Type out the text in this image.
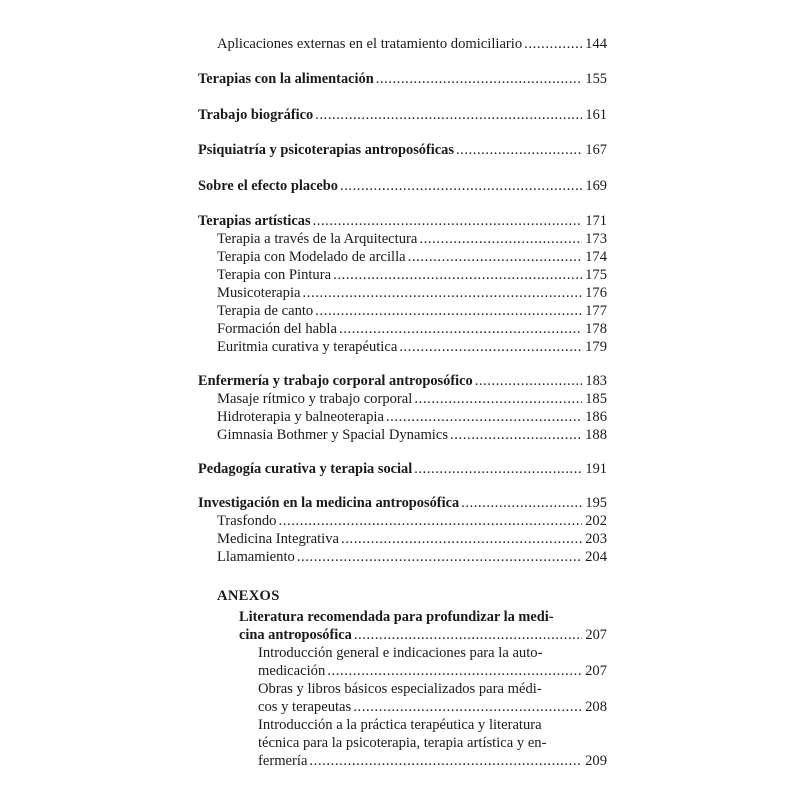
Aplicaciones externas en el tratamiento domiciliario .....	144
Terapias con la alimentación .....	155
Trabajo biográfico .....	161
Psiquiatría y psicoterapias antroposóficas .....	167
Sobre el efecto placebo .....	169
Terapias artísticas .....	171
Terapia a través de la Arquitectura .....	173
Terapia con Modelado de arcilla .....	174
Terapia con Pintura .....	175
Musicoterapia .....	176
Terapia de canto .....	177
Formación del habla .....	178
Euritmia curativa y terapéutica .....	179
Enfermería y trabajo corporal antroposófico .....	183
Masaje rítmico y trabajo corporal .....	185
Hidroterapia y balneoterapia .....	186
Gimnasia Bothmer y Spacial Dynamics .....	188
Pedagogía curativa y terapia social .....	191
Investigación en la medicina antroposófica .....	195
Trasfondo .....	202
Medicina Integrativa .....	203
Llamamiento .....	204
ANEXOS
Literatura recomendada para profundizar la medi-
cina antroposófica .....	207
Introducción general e indicaciones para la auto-
medicación .....	207
Obras y libros básicos especializados para médi-
cos y terapeutas .....	208
Introducción a la práctica terapéutica y literatura
técnica para la psicoterapia, terapia artística y en-
fermería .....	209
